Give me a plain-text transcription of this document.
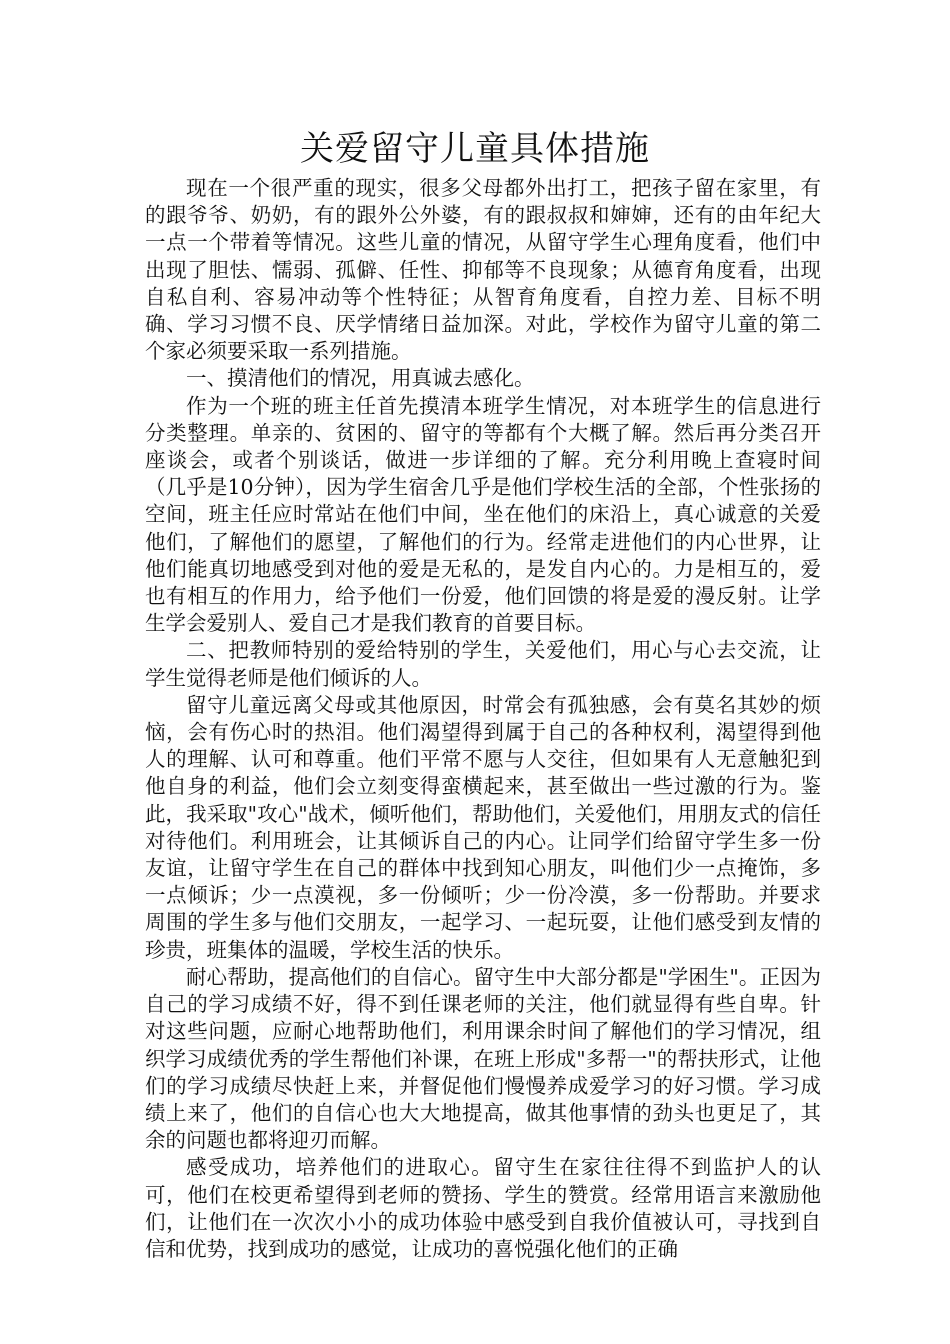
关爱留守儿童具体措施

现在一个很严重的现实，很多父母都外出打工，把孩子留在家里，有的跟爷爷、奶奶，有的跟外公外婆，有的跟叔叔和婶婶，还有的由年纪大一点一个带着等情况。这些儿童的情况，从留守学生心理角度看，他们中出现了胆怯、懦弱、孤僻、任性、抑郁等不良现象；从德育角度看，出现自私自利、容易冲动等个性特征；从智育角度看，自控力差、目标不明确、学习习惯不良、厌学情绪日益加深。对此，学校作为留守儿童的第二个家必须要采取一系列措施。

一、摸清他们的情况，用真诚去感化。

作为一个班的班主任首先摸清本班学生情况，对本班学生的信息进行分类整理。单亲的、贫困的、留守的等都有个大概了解。然后再分类召开座谈会，或者个别谈话，做进一步详细的了解。充分利用晚上查寝时间（几乎是10分钟），因为学生宿舍几乎是他们学校生活的全部，个性张扬的空间，班主任应时常站在他们中间，坐在他们的床沿上，真心诚意的关爱他们，了解他们的愿望，了解他们的行为。经常走进他们的内心世界，让他们能真切地感受到对他的爱是无私的，是发自内心的。力是相互的，爱也有相互的作用力，给予他们一份爱，他们回馈的将是爱的漫反射。让学生学会爱别人、爱自己才是我们教育的首要目标。

二、把教师特别的爱给特别的学生，关爱他们，用心与心去交流，让学生觉得老师是他们倾诉的人。

留守儿童远离父母或其他原因，时常会有孤独感，会有莫名其妙的烦恼，会有伤心时的热泪。他们渴望得到属于自己的各种权利，渴望得到他人的理解、认可和尊重。他们平常不愿与人交往，但如果有人无意触犯到他自身的利益，他们会立刻变得蛮横起来，甚至做出一些过激的行为。鉴此，我采取"攻心"战术，倾听他们，帮助他们，关爱他们，用朋友式的信任对待他们。利用班会，让其倾诉自己的内心。让同学们给留守学生多一份友谊，让留守学生在自己的群体中找到知心朋友，叫他们少一点掩饰，多一点倾诉；少一点漠视，多一份倾听；少一份冷漠，多一份帮助。并要求周围的学生多与他们交朋友，一起学习、一起玩耍，让他们感受到友情的珍贵，班集体的温暖，学校生活的快乐。

耐心帮助，提高他们的自信心。留守生中大部分都是"学困生"。正因为自己的学习成绩不好，得不到任课老师的关注，他们就显得有些自卑。针对这些问题，应耐心地帮助他们，利用课余时间了解他们的学习情况，组织学习成绩优秀的学生帮他们补课，在班上形成"多帮一"的帮扶形式，让他们的学习成绩尽快赶上来，并督促他们慢慢养成爱学习的好习惯。学习成绩上来了，他们的自信心也大大地提高，做其他事情的劲头也更足了，其余的问题也都将迎刃而解。

感受成功，培养他们的进取心。留守生在家往往得不到监护人的认可，他们在校更希望得到老师的赞扬、学生的赞赏。经常用语言来激励他们，让他们在一次次小小的成功体验中感受到自我价值被认可，寻找到自信和优势，找到成功的感觉，让成功的喜悦强化他们的正确
